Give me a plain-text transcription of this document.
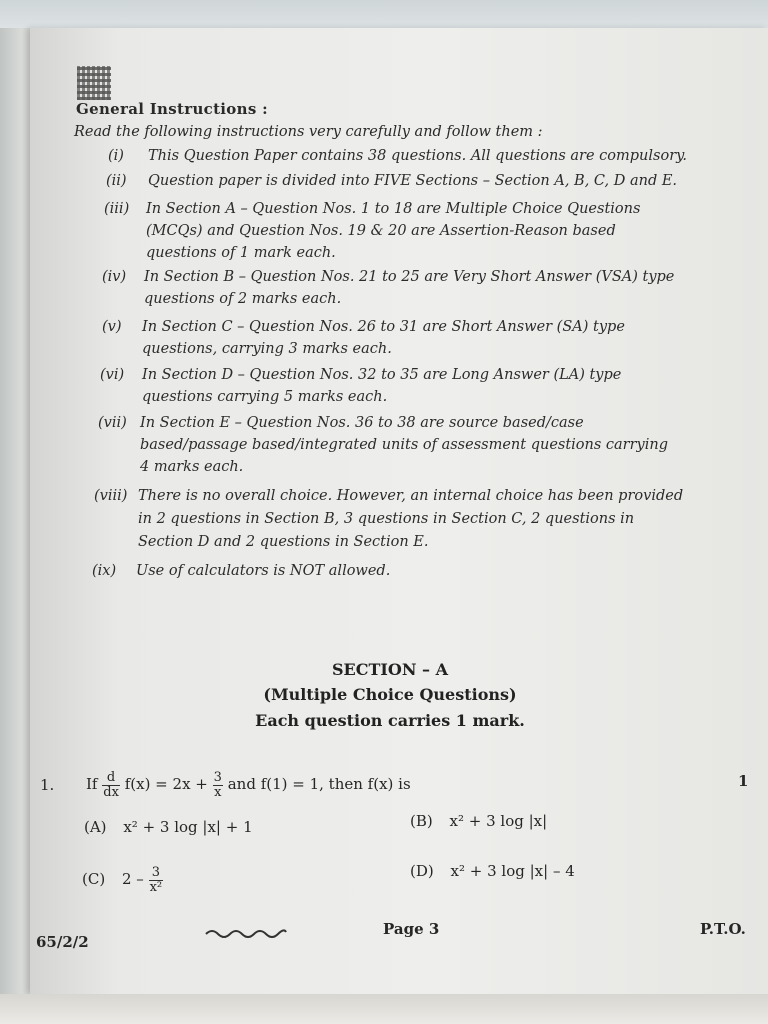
General Instructions :
Read the following instructions very carefully and follow them :
(i) This Question Paper contains 38 questions. All questions are compulsory.
(ii) Question paper is divided into FIVE Sections – Section A, B, C, D and E.
(iii) In Section A – Question Nos. 1 to 18 are Multiple Choice Questions
(MCQs) and Question Nos. 19 & 20 are Assertion-Reason based
questions of 1 mark each.
(iv) In Section B – Question Nos. 21 to 25 are Very Short Answer (VSA) type
questions of 2 marks each.
(v) In Section C – Question Nos. 26 to 31 are Short Answer (SA) type
questions, carrying 3 marks each.
(vi) In Section D – Question Nos. 32 to 35 are Long Answer (LA) type
questions carrying 5 marks each.
(vii) In Section E – Question Nos. 36 to 38 are source based/case
based/passage based/integrated units of assessment questions carrying
4 marks each.
(viii) There is no overall choice. However, an internal choice has been provided
in 2 questions in Section B, 3 questions in Section C, 2 questions in
Section D and 2 questions in Section E.
(ix) Use of calculators is NOT allowed.
SECTION – A
(Multiple Choice Questions)
Each question carries 1 mark.
1. If $\frac{d}{dx} f(x) = 2x + \frac{3}{x}$ and f(1) = 1, then f(x) is	1
(A) x² + 3 log |x| + 1	(B) x² + 3 log |x|
(C) $2 - \frac{3}{\text{x²}}$	(D) x² + 3 log |x| – 4
65/2/2
Page 3	P.T.O.
